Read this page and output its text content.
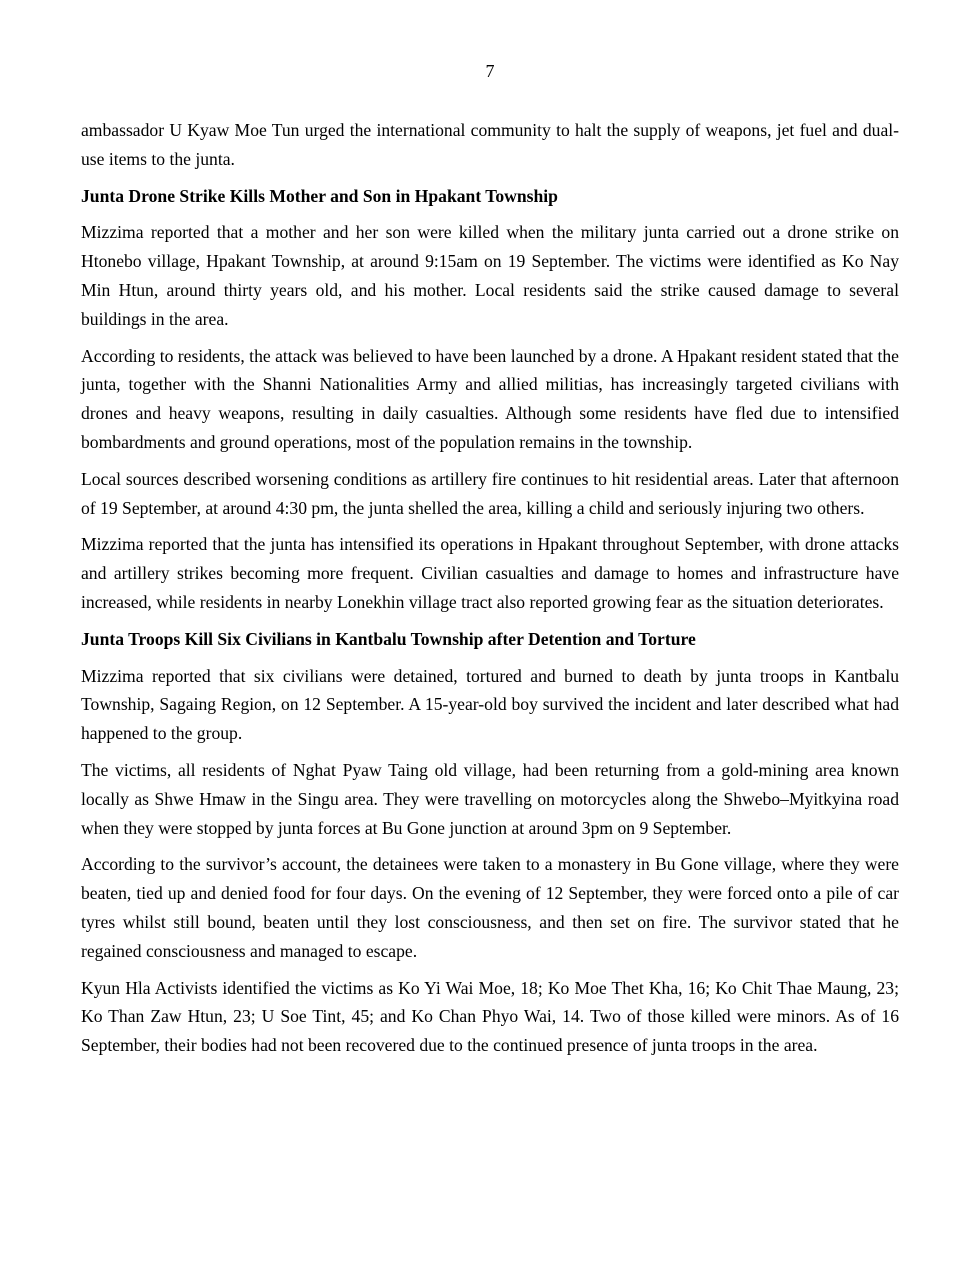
7

ambassador U Kyaw Moe Tun urged the international community to halt the supply of weapons, jet fuel and dual-use items to the junta.

Junta Drone Strike Kills Mother and Son in Hpakant Township

Mizzima reported that a mother and her son were killed when the military junta carried out a drone strike on Htonebo village, Hpakant Township, at around 9:15am on 19 September. The victims were identified as Ko Nay Min Htun, around thirty years old, and his mother. Local residents said the strike caused damage to several buildings in the area.

According to residents, the attack was believed to have been launched by a drone. A Hpakant resident stated that the junta, together with the Shanni Nationalities Army and allied militias, has increasingly targeted civilians with drones and heavy weapons, resulting in daily casualties. Although some residents have fled due to intensified bombardments and ground operations, most of the population remains in the township.

Local sources described worsening conditions as artillery fire continues to hit residential areas. Later that afternoon of 19 September, at around 4:30 pm, the junta shelled the area, killing a child and seriously injuring two others.

Mizzima reported that the junta has intensified its operations in Hpakant throughout September, with drone attacks and artillery strikes becoming more frequent. Civilian casualties and damage to homes and infrastructure have increased, while residents in nearby Lonekhin village tract also reported growing fear as the situation deteriorates.

Junta Troops Kill Six Civilians in Kantbalu Township after Detention and Torture

Mizzima reported that six civilians were detained, tortured and burned to death by junta troops in Kantbalu Township, Sagaing Region, on 12 September. A 15-year-old boy survived the incident and later described what had happened to the group.

The victims, all residents of Nghat Pyaw Taing old village, had been returning from a gold-mining area known locally as Shwe Hmaw in the Singu area. They were travelling on motorcycles along the Shwebo–Myitkyina road when they were stopped by junta forces at Bu Gone junction at around 3pm on 9 September.

According to the survivor’s account, the detainees were taken to a monastery in Bu Gone village, where they were beaten, tied up and denied food for four days. On the evening of 12 September, they were forced onto a pile of car tyres whilst still bound, beaten until they lost consciousness, and then set on fire. The survivor stated that he regained consciousness and managed to escape.

Kyun Hla Activists identified the victims as Ko Yi Wai Moe, 18; Ko Moe Thet Kha, 16; Ko Chit Thae Maung, 23; Ko Than Zaw Htun, 23; U Soe Tint, 45; and Ko Chan Phyo Wai, 14. Two of those killed were minors. As of 16 September, their bodies had not been recovered due to the continued presence of junta troops in the area.
